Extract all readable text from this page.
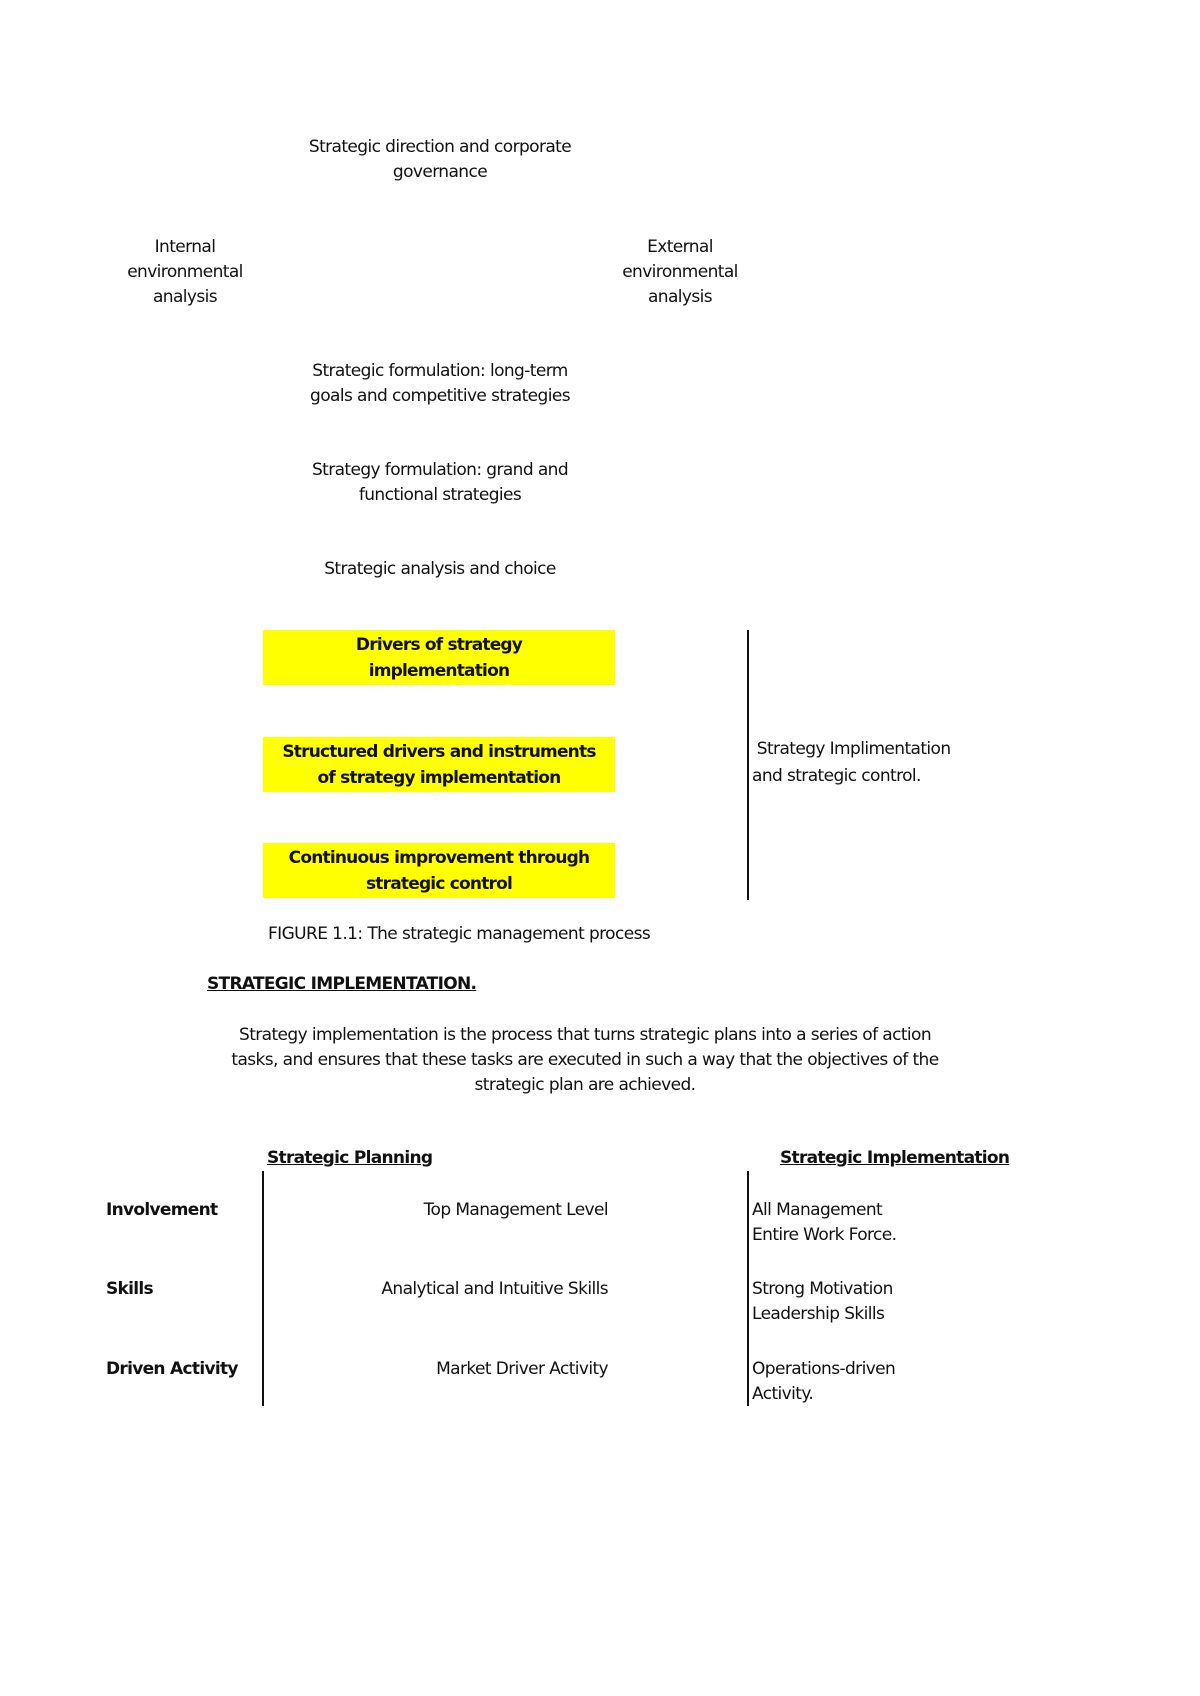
Strategic direction and corporate
governance
Internal
environmental
analysis
External
environmental
analysis
Strategic formulation: long-term
goals and competitive strategies
Strategy formulation: grand and
functional strategies
Strategic analysis and choice
Drivers of strategy
implementation
Structured drivers and instruments
of strategy implementation
Continuous improvement through
strategic control
Strategy Implimentation
and strategic control.
FIGURE 1.1: The strategic management process
STRATEGIC IMPLEMENTATION.
Strategy implementation is the process that turns strategic plans into a series of action
tasks, and ensures that these tasks are executed in such a way that the objectives of the
strategic plan are achieved.
Strategic Planning	Strategic Implementation
Involvement	Top Management Level	All Management
Entire Work Force.
Skills	Analytical and Intuitive Skills	Strong Motivation
Leadership Skills
Driven Activity	Market Driver Activity	Operations-driven
Activity.
